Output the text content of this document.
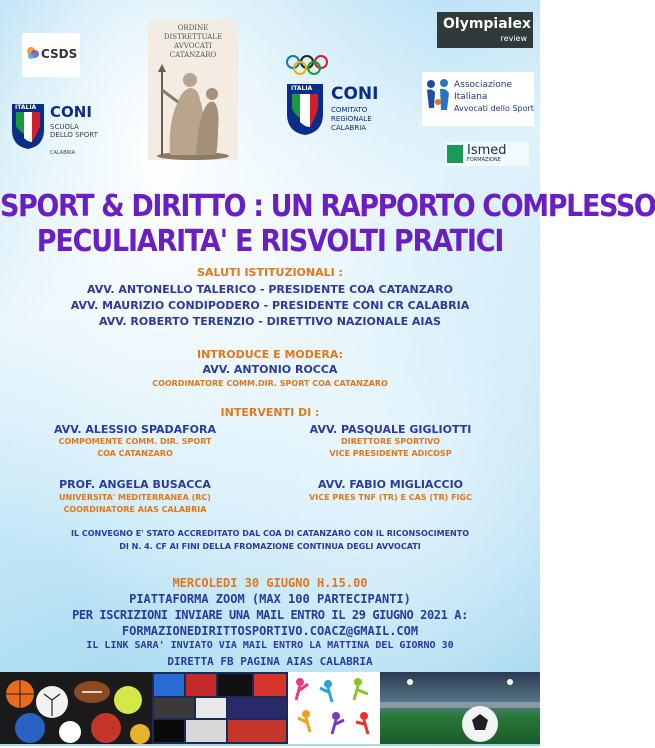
CSDS
ITALIA CONI
SCUOLA
DELLO SPORT
CALABRIA
ORDINE
DISTRETTUALE
AVVOCATI
CATANZARO
ITALIA CONI
COMITATO
REGIONALE
CALABRIA
Olympialex
review
Associazione
Italiana
Avvocati dello Sport
Ismed
FORMAZIONE
SPORT & DIRITTO : UN RAPPORTO COMPLESSO
PECULIARITA' E RISVOLTI PRATICI
SALUTI ISTITUZIONALI :
AVV. ANTONELLO TALERICO - PRESIDENTE COA CATANZARO
AVV. MAURIZIO CONDIPODERO - PRESIDENTE CONI CR CALABRIA
AVV. ROBERTO TERENZIO - DIRETTIVO NAZIONALE AIAS
INTRODUCE E MODERA:
AVV. ANTONIO ROCCA
COORDINATORE COMM.DIR. SPORT COA CATANZARO
INTERVENTI DI :
AVV. ALESSIO SPADAFORA
COMPOMENTE COMM. DIR. SPORT
COA CATANZARO
AVV. PASQUALE GIGLIOTTI
DIRETTORE SPORTIVO
VICE PRESIDENTE ADICOSP
PROF. ANGELA BUSACCA
UNIVERSITA' MEDITERRANEA (RC)
COORDINATORE AIAS CALABRIA
AVV. FABIO MIGLIACCIO
VICE PRES TNF (TR) E CAS (TR) FIGC
IL CONVEGNO E' STATO ACCREDITATO DAL COA DI CATANZARO CON IL RICONSOCIMENTO
DI N. 4. CF AI FINI DELLA FROMAZIONE CONTINUA DEGLI AVVOCATI
MERCOLEDI 30 GIUGNO H.15.00
PIATTAFORMA ZOOM (MAX 100 PARTECIPANTI)
PER ISCRIZIONI INVIARE UNA MAIL ENTRO IL 29 GIUGNO 2021 A:
FORMAZIONEDIRITTOSPORTIVO.COACZ@GMAIL.COM
IL LINK SARA' INVIATO VIA MAIL ENTRO LA MATTINA DEL GIORNO 30
DIRETTA FB PAGINA AIAS CALABRIA
